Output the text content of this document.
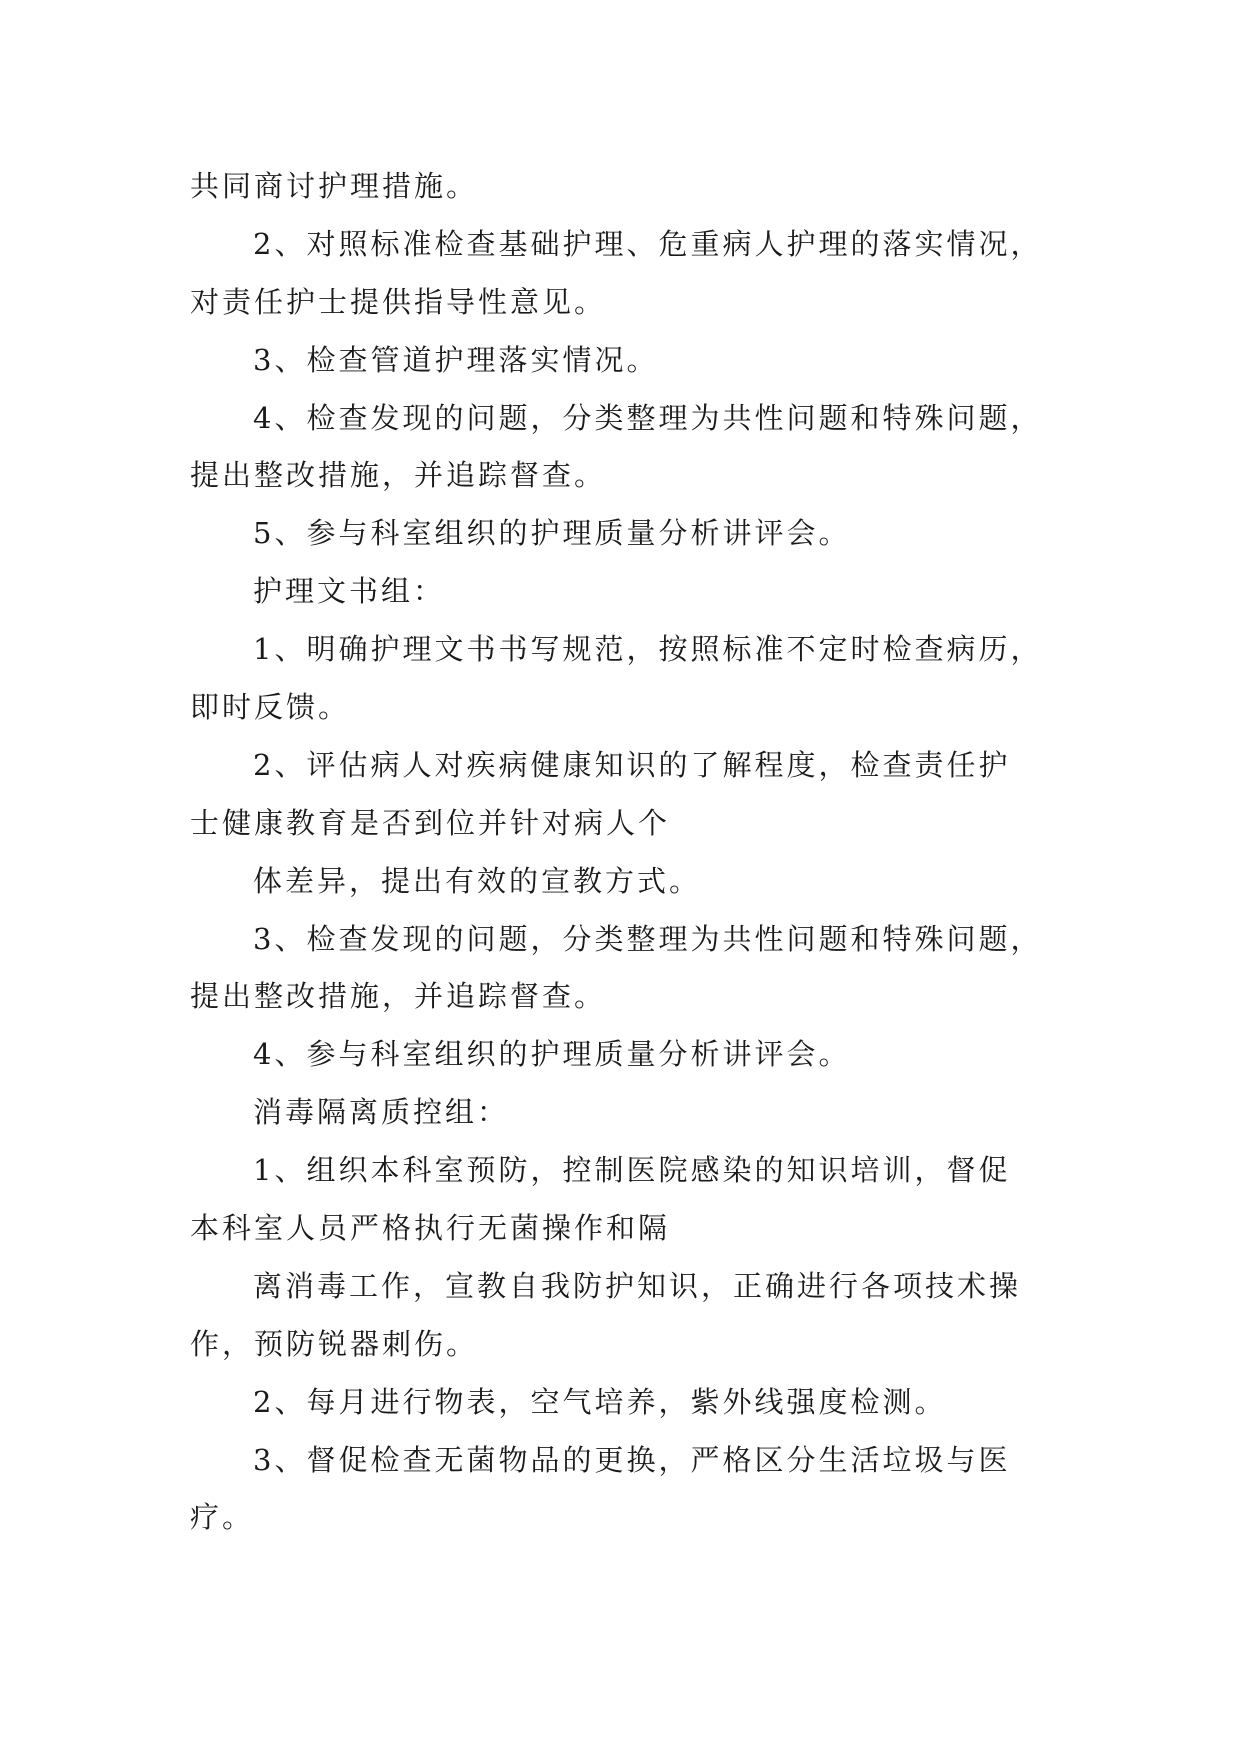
共同商讨护理措施。
2、对照标准检查基础护理、危重病人护理的落实情况，
对责任护士提供指导性意见。
3、检查管道护理落实情况。
4、检查发现的问题，分类整理为共性问题和特殊问题，
提出整改措施，并追踪督查。
5、参与科室组织的护理质量分析讲评会。
护理文书组：
1、明确护理文书书写规范，按照标准不定时检查病历，
即时反馈。
2、评估病人对疾病健康知识的了解程度，检查责任护
士健康教育是否到位并针对病人个
体差异，提出有效的宣教方式。
3、检查发现的问题，分类整理为共性问题和特殊问题，
提出整改措施，并追踪督查。
4、参与科室组织的护理质量分析讲评会。
消毒隔离质控组：
1、组织本科室预防，控制医院感染的知识培训，督促
本科室人员严格执行无菌操作和隔
离消毒工作，宣教自我防护知识，正确进行各项技术操
作，预防锐器刺伤。
2、每月进行物表，空气培养，紫外线强度检测。
3、督促检查无菌物品的更换，严格区分生活垃圾与医
疗。
